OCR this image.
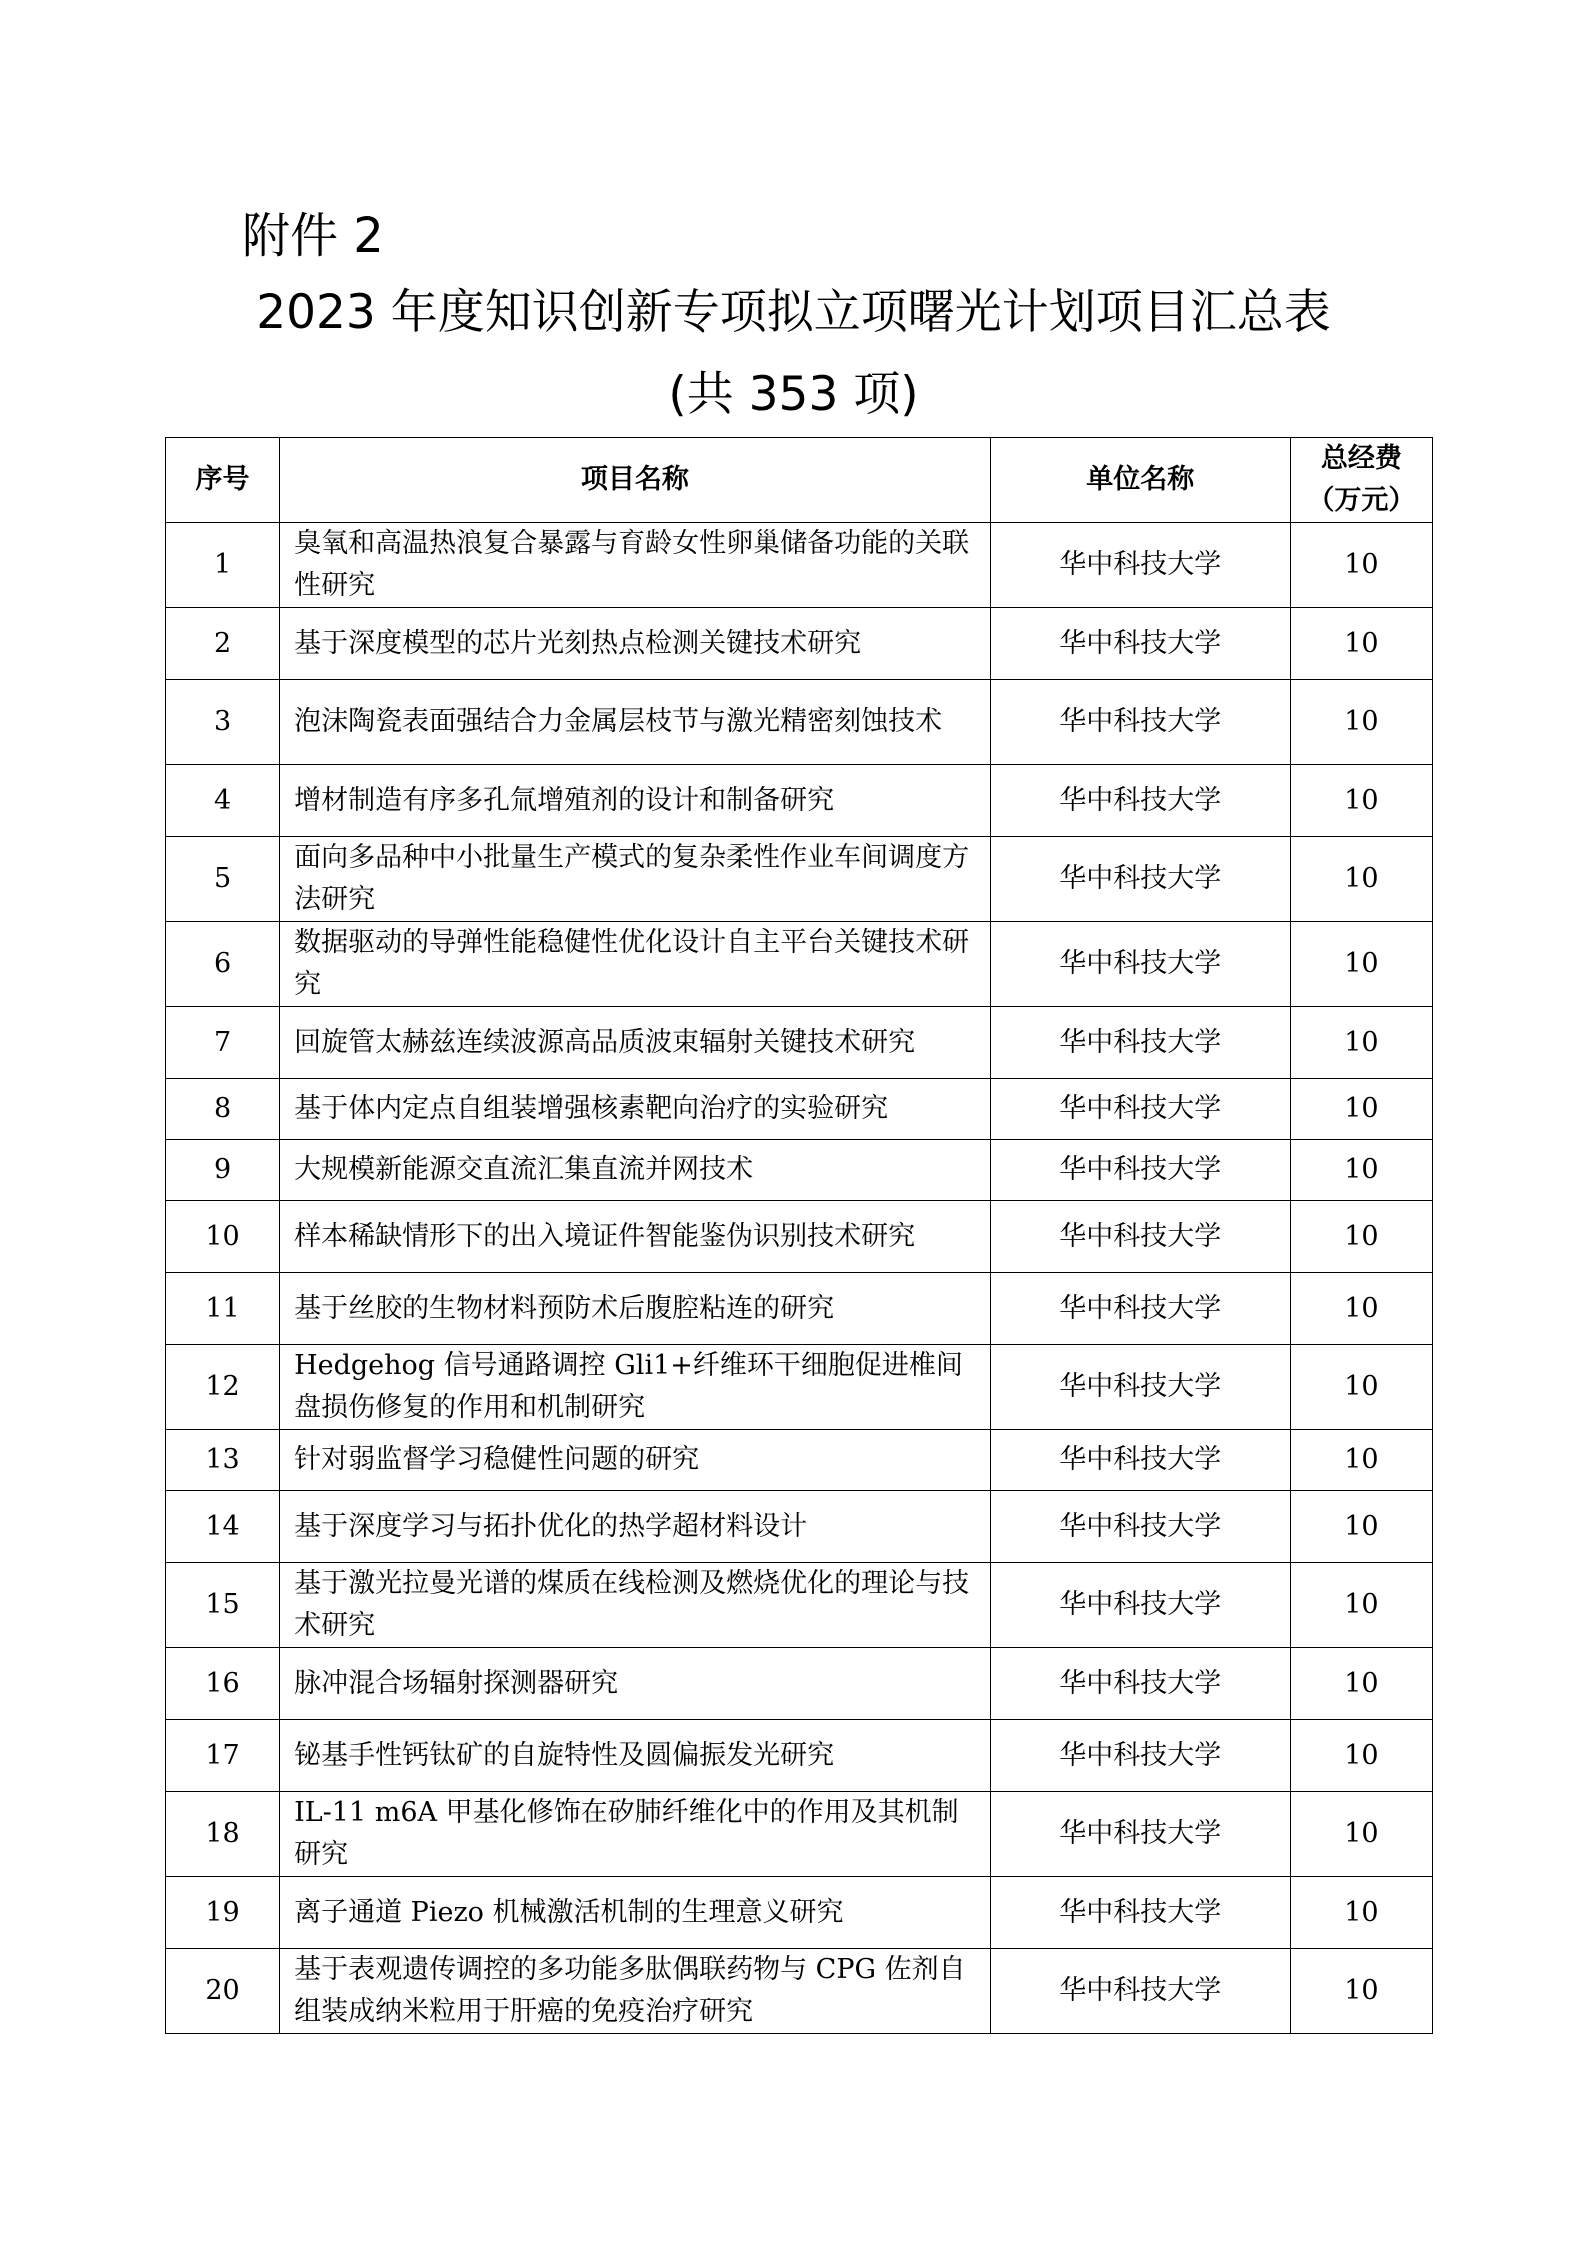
附件 2
2023 年度知识创新专项拟立项曙光计划项目汇总表
(共 353 项)
序号	项目名称	单位名称	总经费
（万元）

1	臭氧和高温热浪复合暴露与育龄女性卵巢储备功能的关联性研究	华中科技大学	10
2	基于深度模型的芯片光刻热点检测关键技术研究	华中科技大学	10
3	泡沫陶瓷表面强结合力金属层枝节与激光精密刻蚀技术	华中科技大学	10
4	增材制造有序多孔氚增殖剂的设计和制备研究	华中科技大学	10
5	面向多品种中小批量生产模式的复杂柔性作业车间调度方法研究	华中科技大学	10
6	数据驱动的导弹性能稳健性优化设计自主平台关键技术研究	华中科技大学	10
7	回旋管太赫兹连续波源高品质波束辐射关键技术研究	华中科技大学	10
8	基于体内定点自组装增强核素靶向治疗的实验研究	华中科技大学	10
9	大规模新能源交直流汇集直流并网技术	华中科技大学	10
10	样本稀缺情形下的出入境证件智能鉴伪识别技术研究	华中科技大学	10
11	基于丝胶的生物材料预防术后腹腔粘连的研究	华中科技大学	10
12	Hedgehog 信号通路调控 Gli1+纤维环干细胞促进椎间盘损伤修复的作用和机制研究	华中科技大学	10
13	针对弱监督学习稳健性问题的研究	华中科技大学	10
14	基于深度学习与拓扑优化的热学超材料设计	华中科技大学	10
15	基于激光拉曼光谱的煤质在线检测及燃烧优化的理论与技术研究	华中科技大学	10
16	脉冲混合场辐射探测器研究	华中科技大学	10
17	铋基手性钙钛矿的自旋特性及圆偏振发光研究	华中科技大学	10
18	IL-11 m6A 甲基化修饰在矽肺纤维化中的作用及其机制研究	华中科技大学	10
19	离子通道 Piezo 机械激活机制的生理意义研究	华中科技大学	10
20	基于表观遗传调控的多功能多肽偶联药物与 CPG 佐剂自组装成纳米粒用于肝癌的免疫治疗研究	华中科技大学	10
